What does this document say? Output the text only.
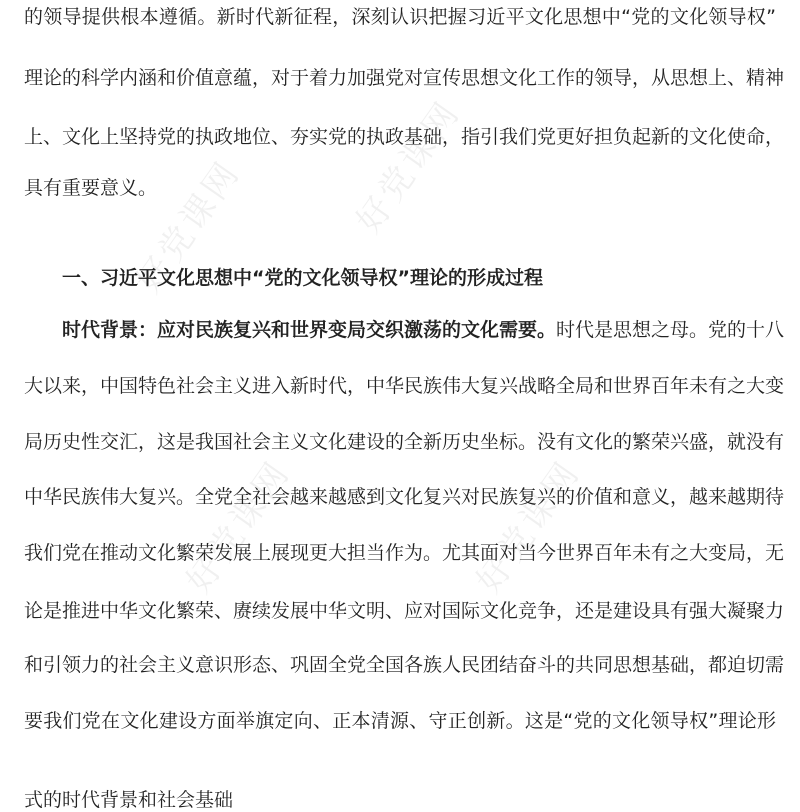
好党课网	好党课网
好党课网	好党课网
的领导提供根本遵循。新时代新征程，深刻认识把握习近平文化思想中“党的文化领导权”
理论的科学内涵和价值意蕴，对于着力加强党对宣传思想文化工作的领导，从思想上、精神
上、文化上坚持党的执政地位、夯实党的执政基础，指引我们党更好担负起新的文化使命，
具有重要意义。
一、习近平文化思想中“党的文化领导权”理论的形成过程
时代背景：应对民族复兴和世界变局交织激荡的文化需要。时代是思想之母。党的十八
大以来，中国特色社会主义进入新时代，中华民族伟大复兴战略全局和世界百年未有之大变
局历史性交汇，这是我国社会主义文化建设的全新历史坐标。没有文化的繁荣兴盛，就没有
中华民族伟大复兴。全党全社会越来越感到文化复兴对民族复兴的价值和意义，越来越期待
我们党在推动文化繁荣发展上展现更大担当作为。尤其面对当今世界百年未有之大变局，无
论是推进中华文化繁荣、赓续发展中华文明、应对国际文化竞争，还是建设具有强大凝聚力
和引领力的社会主义意识形态、巩固全党全国各族人民团结奋斗的共同思想基础，都迫切需
要我们党在文化建设方面举旗定向、正本清源、守正创新。这是“党的文化领导权”理论形
式的时代背景和社会基础
